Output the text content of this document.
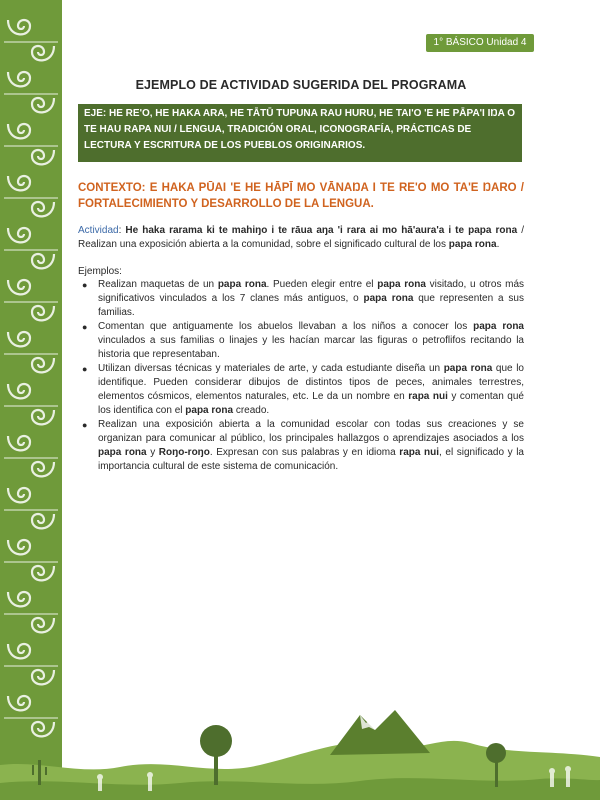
1° BÁSICO Unidad 4
EJEMPLO DE ACTIVIDAD SUGERIDA DEL PROGRAMA
EJE: HE RE'O, HE HAKA ARA, HE TĀTŪ TUPUNA RAU HURU, HE TAI'O 'E HE PĀPA'I IŊA O TE HAU RAPA NUI / LENGUA, TRADICIÓN ORAL, ICONOGRAFÍA, PRÁCTICAS DE LECTURA Y ESCRITURA DE LOS PUEBLOS ORIGINARIOS.
CONTEXTO: E HAKA PŪAI 'E HE HĀPĪ MO VĀNAŊA I TE RE'O MO TA'E ŊARO / FORTALECIMIENTO Y DESARROLLO DE LA LENGUA.
Actividad: He haka rarama ki te mahiŋo i te rāua aŋa 'i rara ai mo hā'aura'a i te papa rona / Realizan una exposición abierta a la comunidad, sobre el significado cultural de los papa rona.
Ejemplos:
● Realizan maquetas de un papa rona. Pueden elegir entre el papa rona visitado, u otros más significativos vinculados a los 7 clanes más antiguos, o papa rona que representen a sus familias.
● Comentan que antiguamente los abuelos llevaban a los niños a conocer los papa rona vinculados a sus familias o linajes y les hacían marcar las figuras o petroflifos recitando la historia que representaban.
● Utilizan diversas técnicas y materiales de arte, y cada estudiante diseña un papa rona que lo identifique. Pueden considerar dibujos de distintos tipos de peces, animales terrestres, elementos cósmicos, elementos naturales, etc. Le da un nombre en rapa nui y comentan qué los identifica con el papa rona creado.
● Realizan una exposición abierta a la comunidad escolar con todas sus creaciones y se organizan para comunicar al público, los principales hallazgos o aprendizajes asociados a los papa rona y Roŋo-roŋo. Expresan con sus palabras y en idioma rapa nui, el significado y la importancia cultural de este sistema de comunicación.
